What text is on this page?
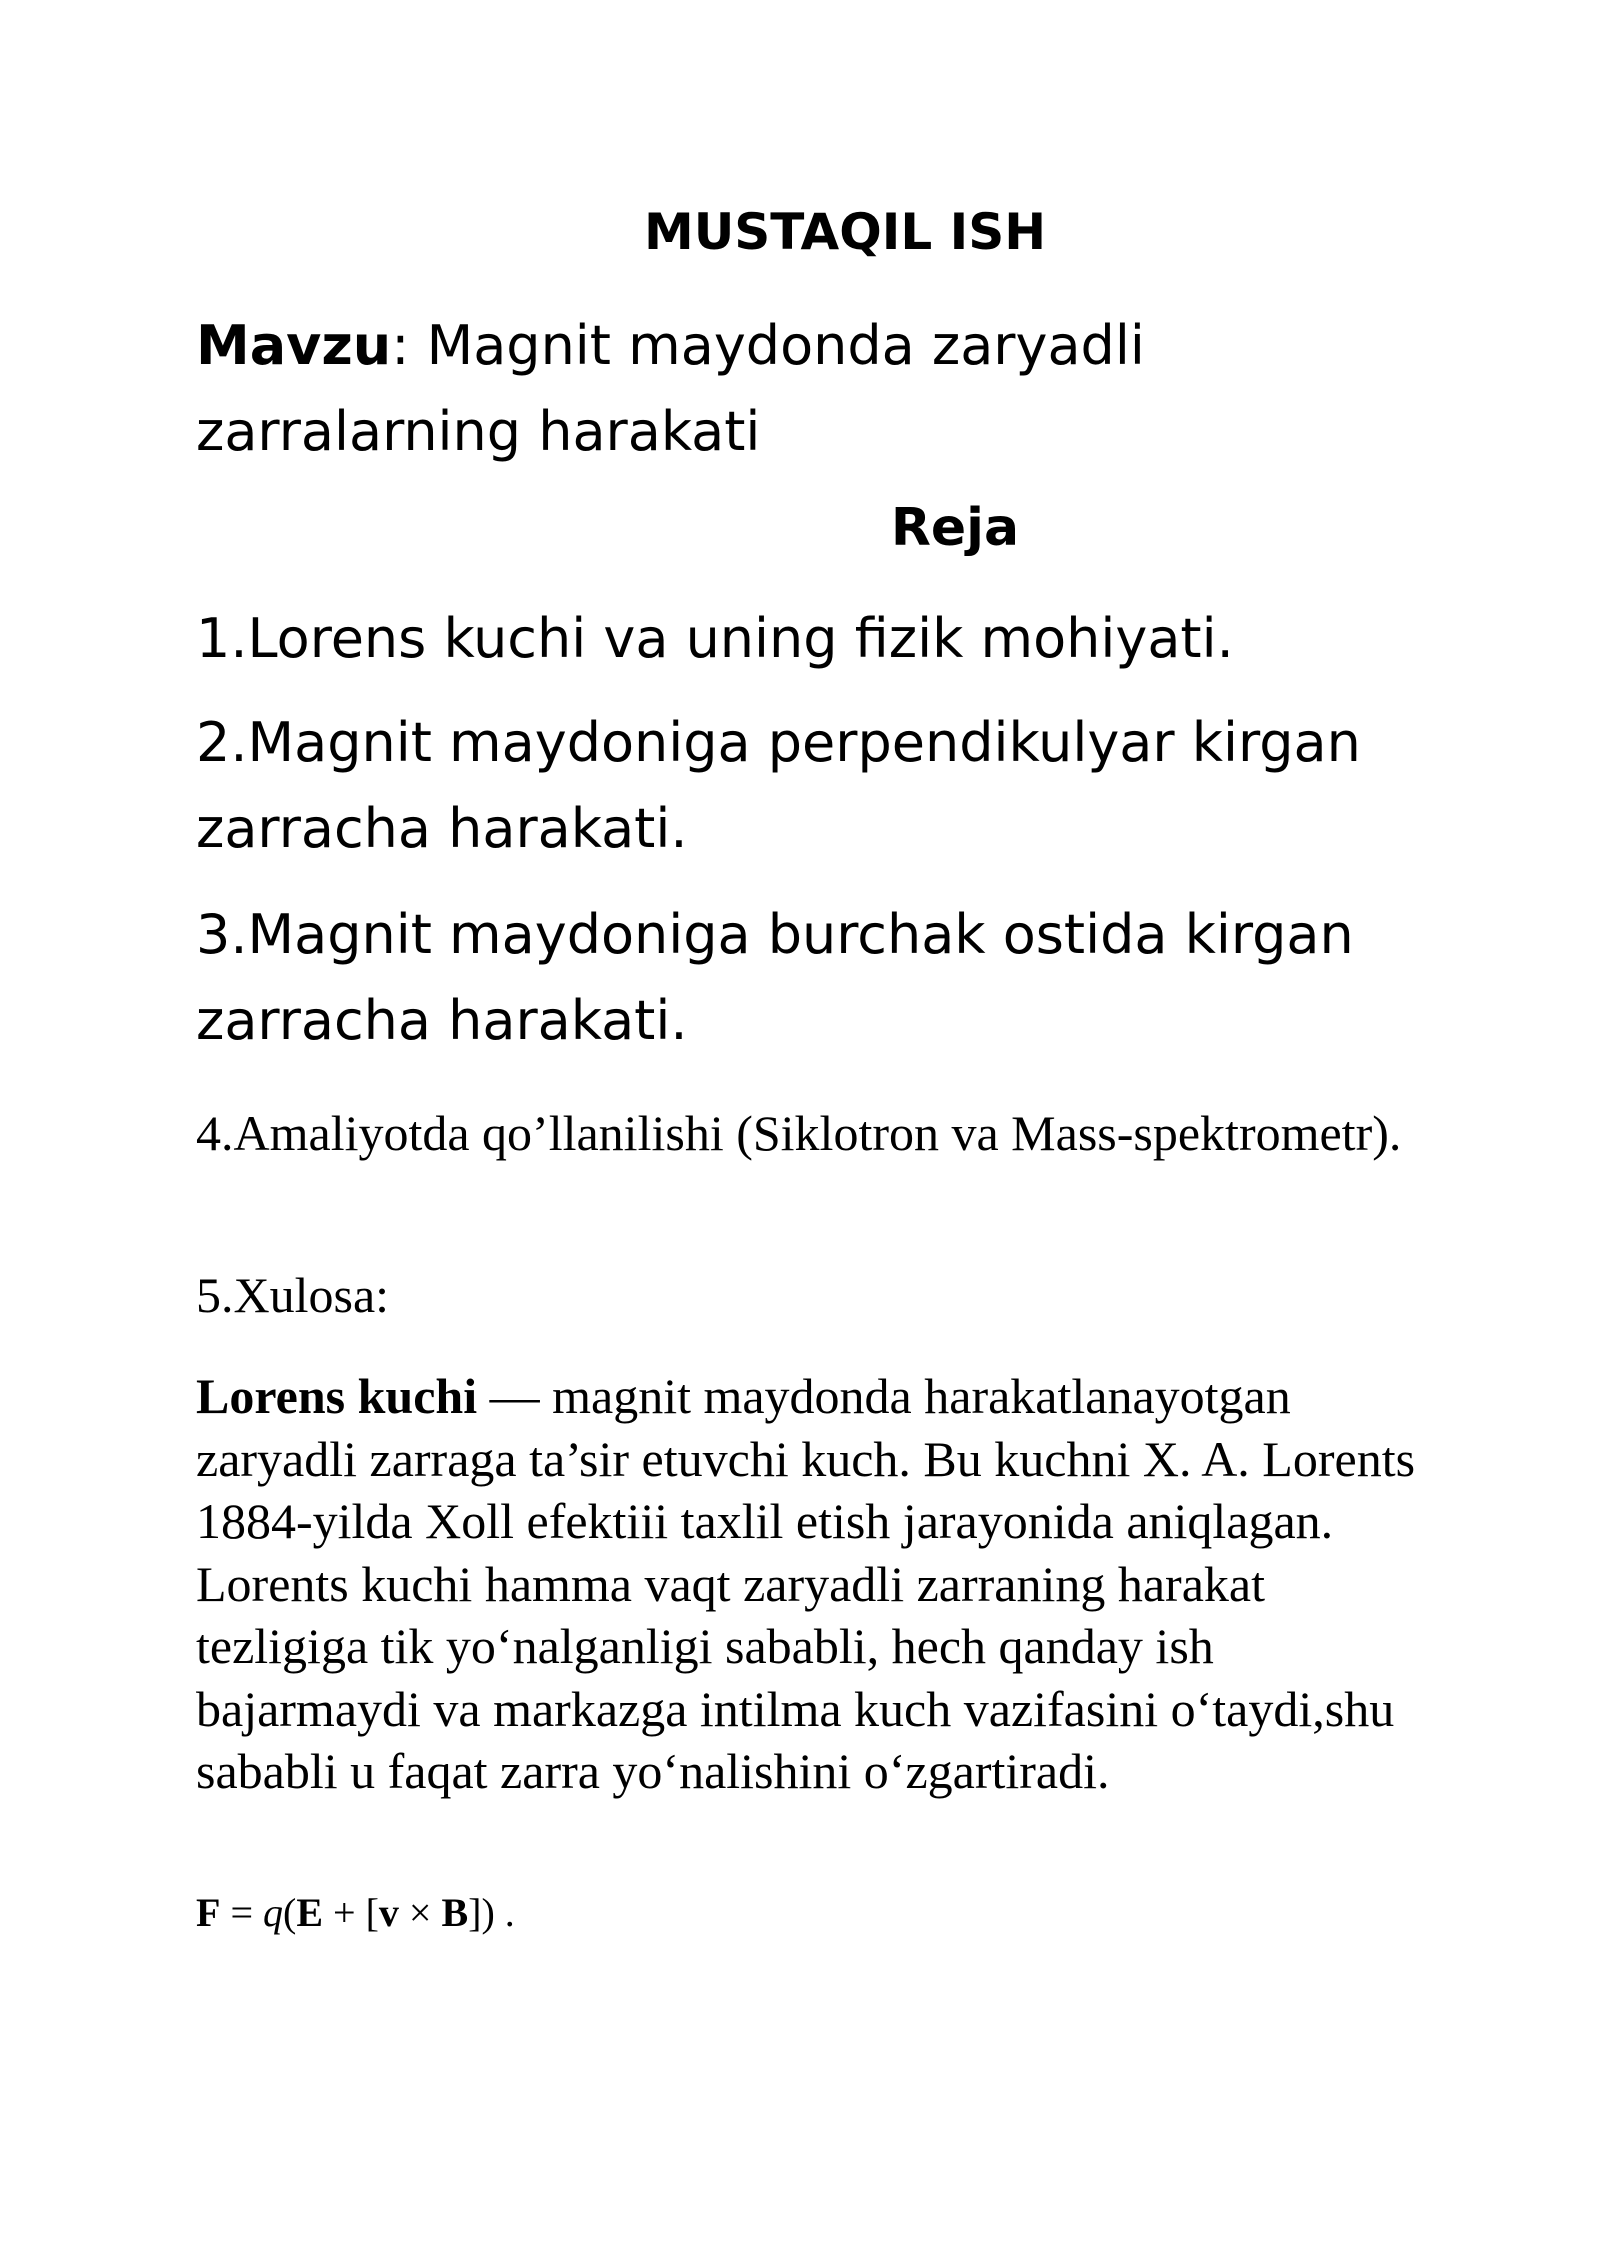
MUSTAQIL ISH
Mavzu: Magnit maydonda zaryadli zarralarning harakati
Reja
1.Lorens kuchi va uning fizik mohiyati.
2.Magnit maydoniga perpendikulyar kirgan zarracha harakati.
3.Magnit maydoniga burchak ostida kirgan zarracha harakati.
4.Amaliyotda qo’llanilishi (Siklotron va Mass-spektrometr).
5.Xulosa:
Lorens kuchi — magnit maydonda harakatlanayotgan zaryadli zarraga ta’sir etuvchi kuch. Bu kuchni X. A. Lorents 1884-yilda Xoll efektiii taxlil etish jarayonida aniqlagan. Lorents kuchi hamma vaqt zaryadli zarraning harakat tezligiga tik yo‘nalganligi sababli, hech qanday ish bajarmaydi va markazga intilma kuch vazifasini o‘taydi,shu sababli u faqat zarra yo‘nalishini o‘zgartiradi.
F = q(E + [v × B]) .
